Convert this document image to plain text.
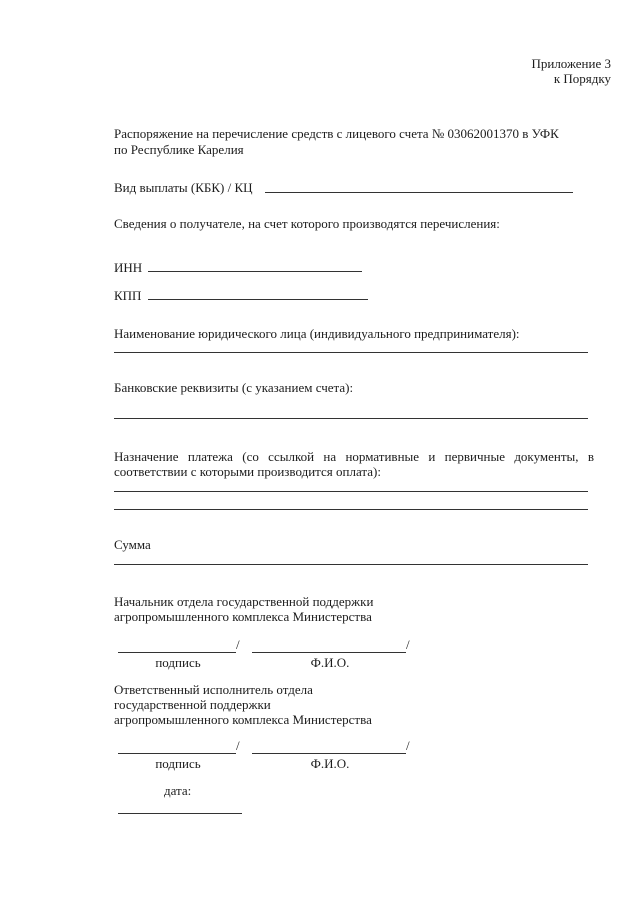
Приложение 3
к Порядку
Распоряжение на перечисление средств с лицевого счета № 03062001370 в УФК
по Республике Карелия
Вид выплаты (КБК) / КЦ
Сведения о получателе, на счет которого производятся перечисления:
ИНН
КПП
Наименование юридического лица (индивидуального предпринимателя):
Банковские реквизиты (с указанием счета):
Назначение платежа (со ссылкой на нормативные и первичные документы, в
соответствии с которыми производится оплата):
Сумма
Начальник отдела государственной поддержки
агропромышленного комплекса Министерства
/	/
подпись	Ф.И.О.
Ответственный исполнитель отдела
государственной поддержки
агропромышленного комплекса Министерства
/	/
подпись	Ф.И.О.
дата:
